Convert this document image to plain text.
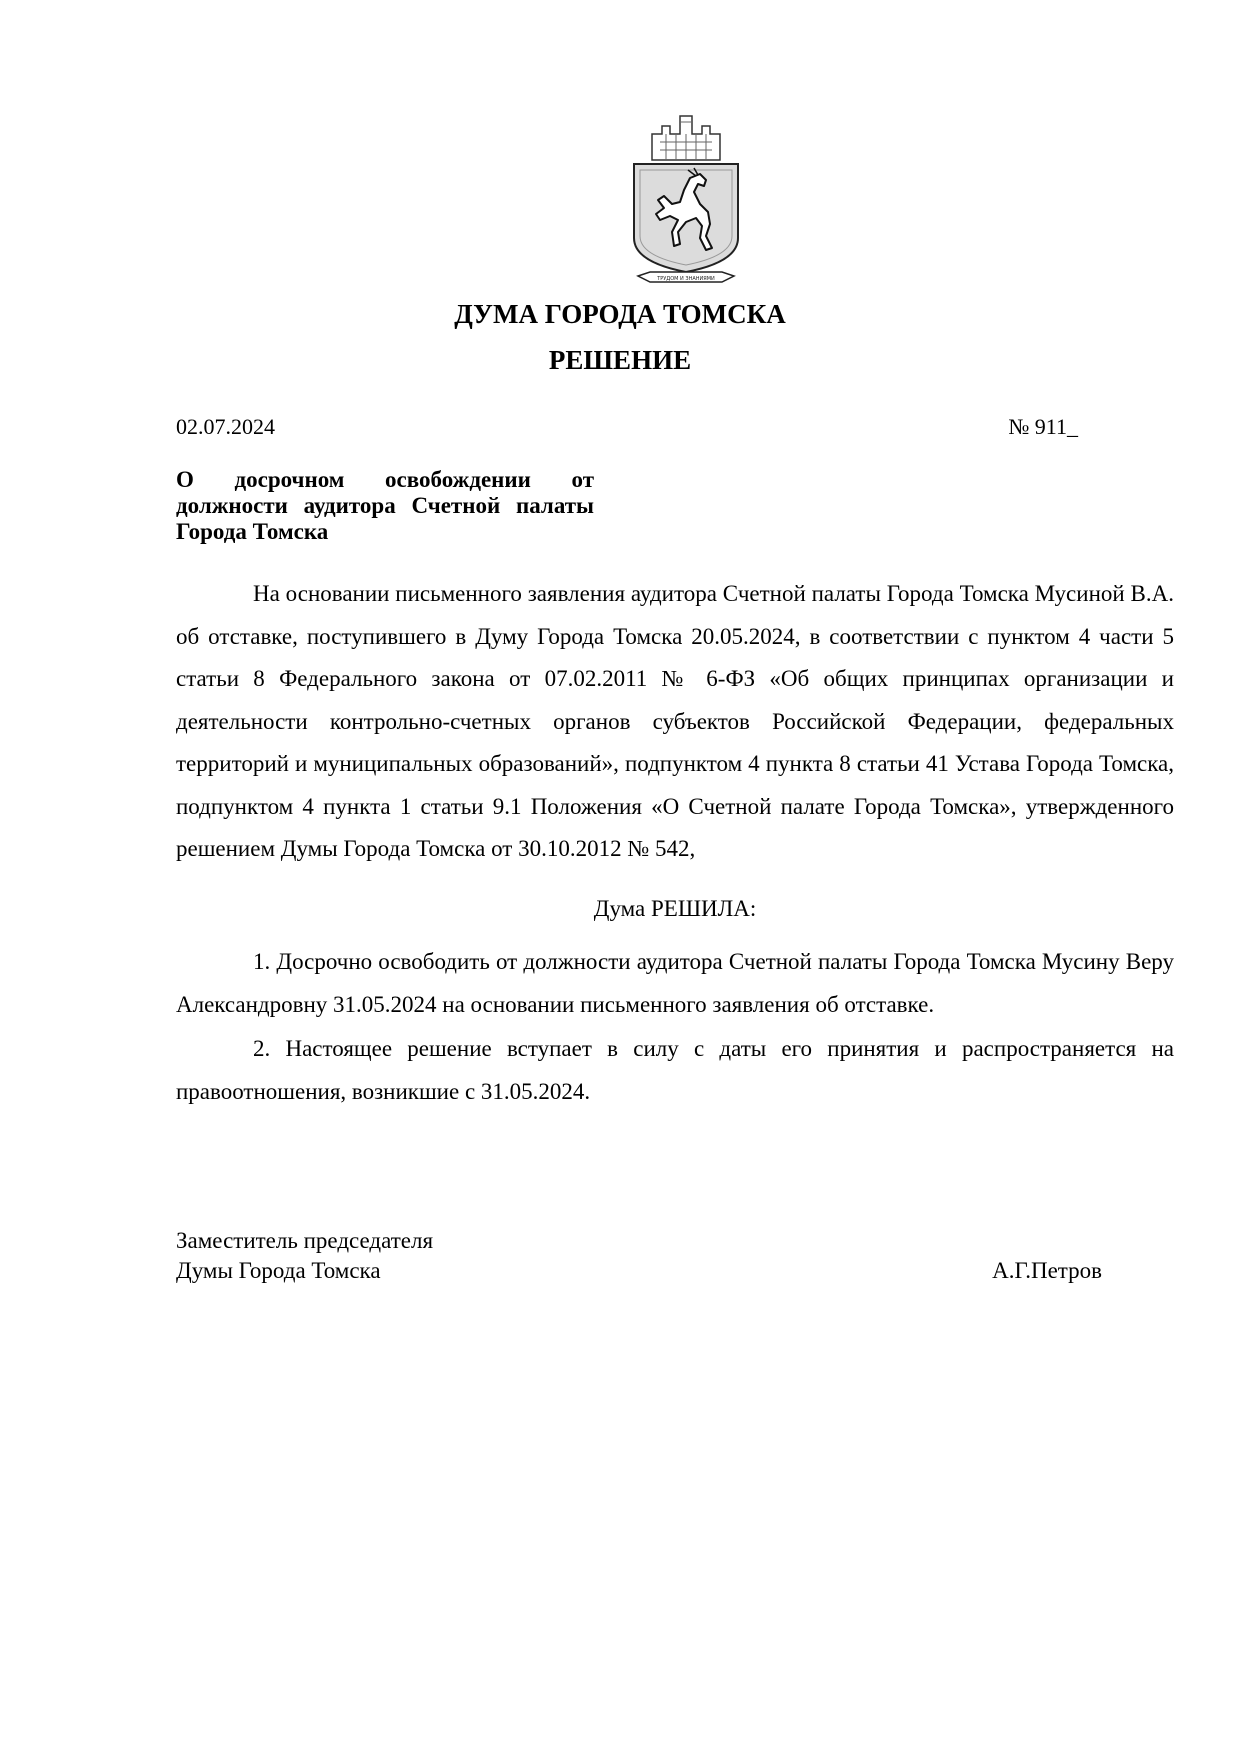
ТРУДОМ И ЗНАНИЯМИ
ДУМА ГОРОДА ТОМСКА
РЕШЕНИЕ
02.07.2024	№ 911_
О досрочном освобождении от должности аудитора Счетной палаты Города Томска

На основании письменного заявления аудитора Счетной палаты Города Томска Мусиной В.А. об отставке, поступившего в Думу Города Томска 20.05.2024, в соответствии с пунктом 4 части 5 статьи 8 Федерального закона от 07.02.2011 № 6-ФЗ «Об общих принципах организации и деятельности контрольно-счетных органов субъектов Российской Федерации, федеральных территорий и муниципальных образований», подпунктом 4 пункта 8 статьи 41 Устава Города Томска, подпунктом 4 пункта 1 статьи 9.1 Положения «О Счетной палате Города Томска», утвержденного решением Думы Города Томска от 30.10.2012 № 542,

Дума РЕШИЛА:

1. Досрочно освободить от должности аудитора Счетной палаты Города Томска Мусину Веру Александровну 31.05.2024 на основании письменного заявления об отставке.

2. Настоящее решение вступает в силу с даты его принятия и распространяется на правоотношения, возникшие с 31.05.2024.

Заместитель председателя
Думы Города Томска	А.Г.Петров
